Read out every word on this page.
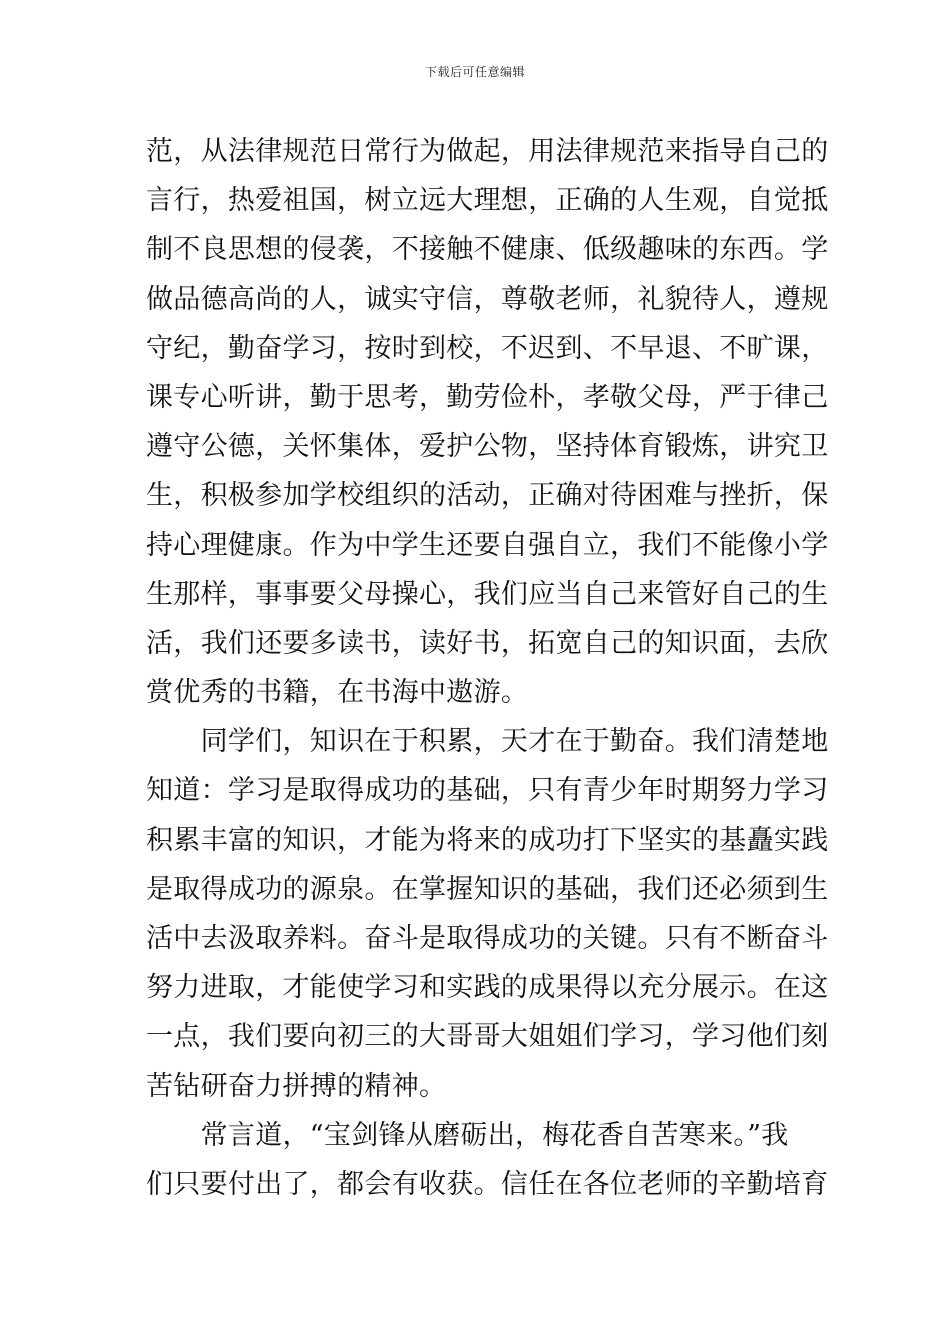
下载后可任意编辑
范，从法律规范日常行为做起，用法律规范来指导自己的
言行，热爱祖国，树立远大理想，正确的人生观，自觉抵
制不良思想的侵袭，不接触不健康、低级趣味的东西。学
做品德高尚的人，诚实守信，尊敬老师，礼貌待人，遵规
守纪，勤奋学习，按时到校，不迟到、不早退、不旷课，
课专心听讲，勤于思考，勤劳俭朴，孝敬父母，严于律己
遵守公德，关怀集体，爱护公物，坚持体育锻炼，讲究卫
生，积极参加学校组织的活动，正确对待困难与挫折，保
持心理健康。作为中学生还要自强自立，我们不能像小学
生那样，事事要父母操心，我们应当自己来管好自己的生
活，我们还要多读书，读好书，拓宽自己的知识面，去欣
赏优秀的书籍，在书海中遨游。
　　同学们，知识在于积累，天才在于勤奋。我们清楚地
知道：学习是取得成功的基础，只有青少年时期努力学习
积累丰富的知识，才能为将来的成功打下坚实的基矗实践
是取得成功的源泉。在掌握知识的基础，我们还必须到生
活中去汲取养料。奋斗是取得成功的关键。只有不断奋斗
努力进取，才能使学习和实践的成果得以充分展示。在这
一点，我们要向初三的大哥哥大姐姐们学习，学习他们刻
苦钻研奋力拼搏的精神。
　　常言道，“宝剑锋从磨砺出，梅花香自苦寒来。”我
们只要付出了，都会有收获。信任在各位老师的辛勤培育
